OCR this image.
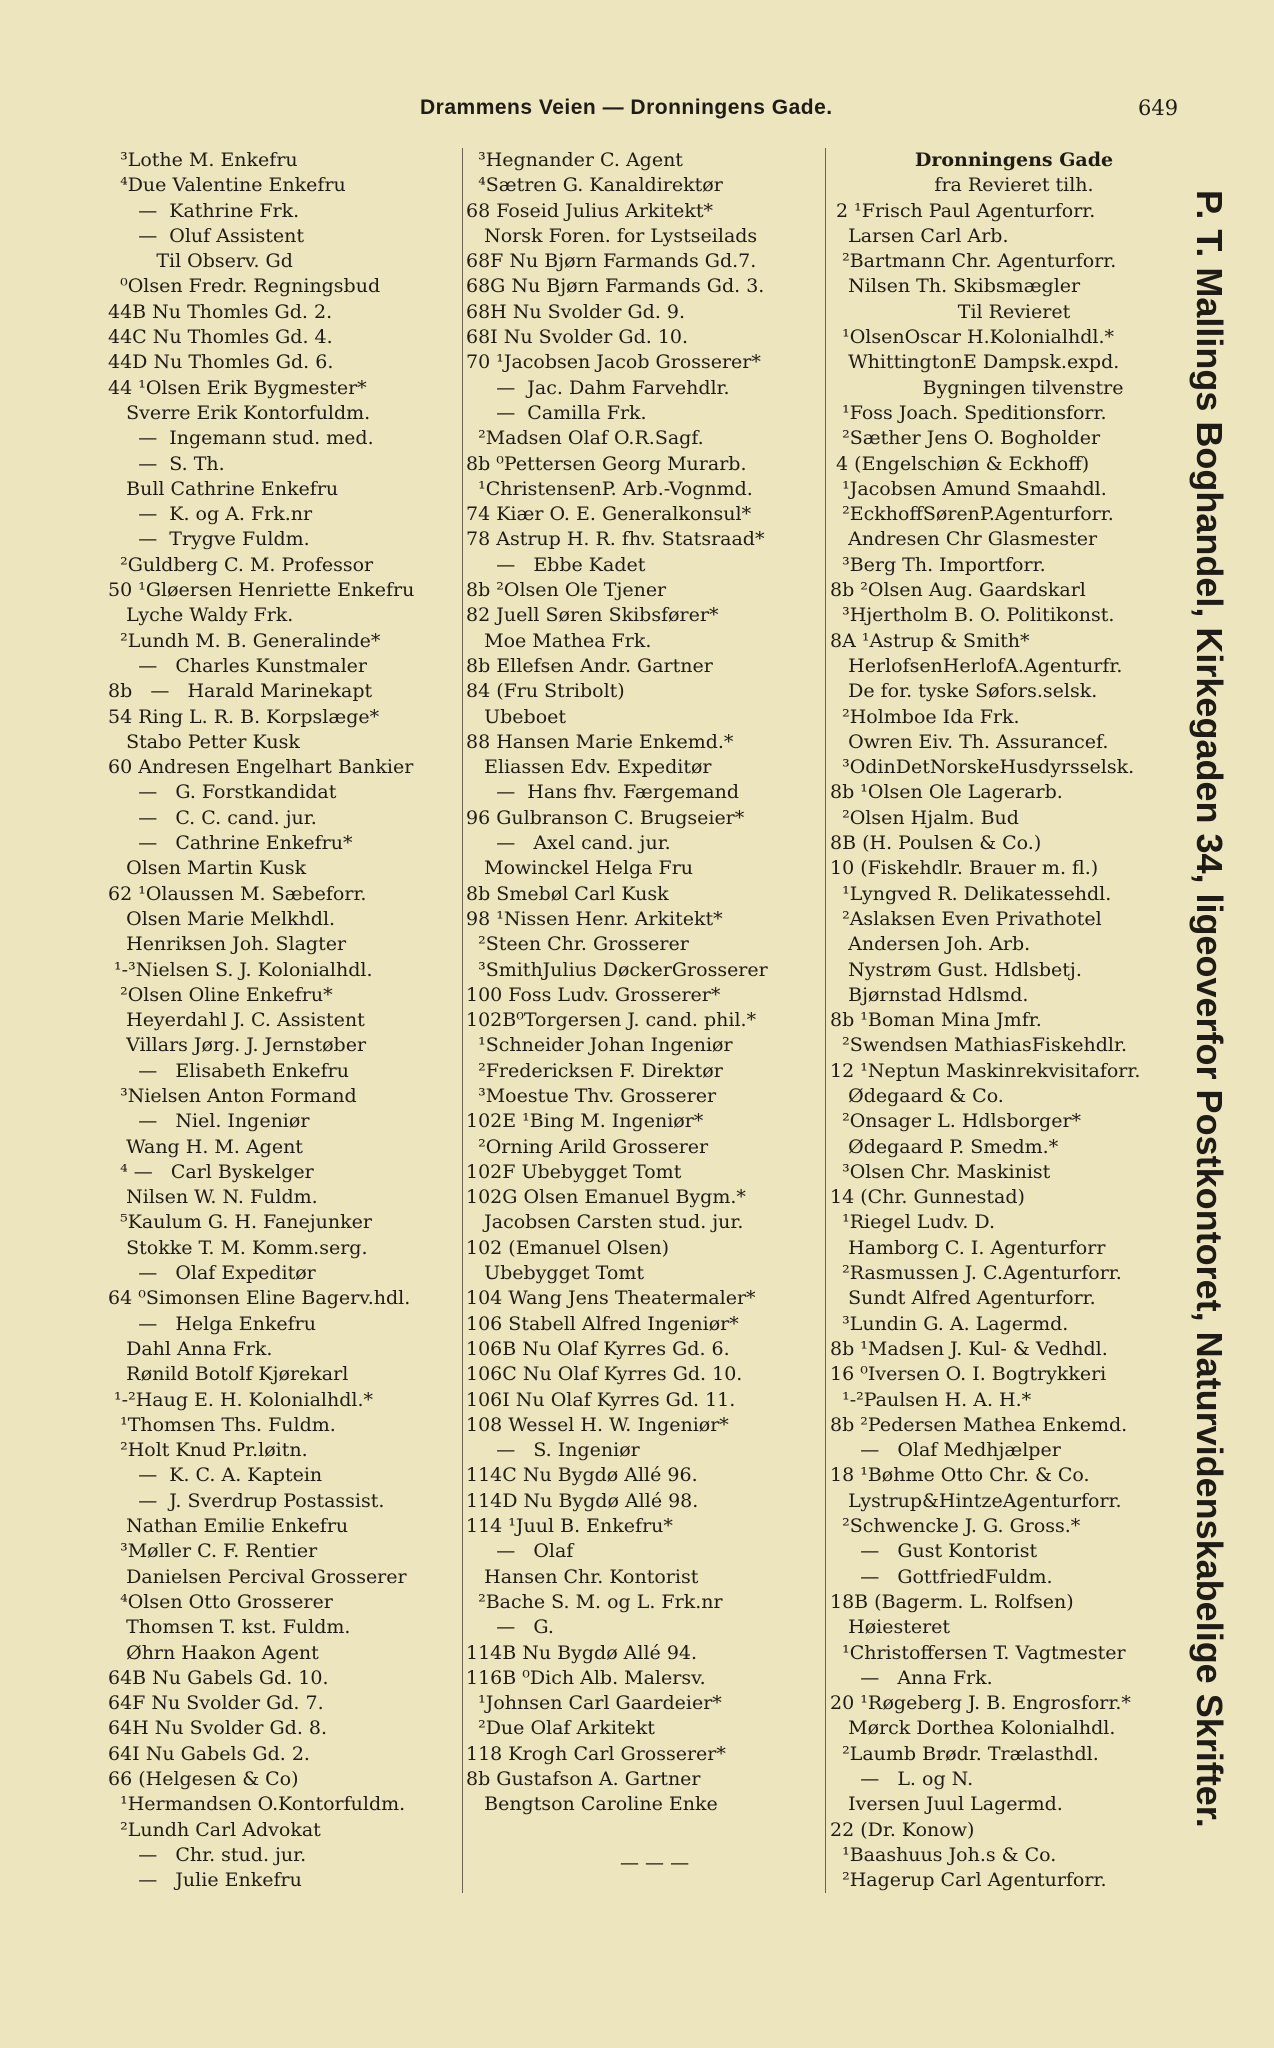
Drammens Veien — Dronningens Gade.	649
³Lothe M. Enkefru
⁴Due Valentine Enkefru
—  Kathrine Frk.
—  Oluf Assistent
Til Observ. Gd
⁰Olsen Fredr. Regningsbud
44B Nu Thomles Gd. 2.
44C Nu Thomles Gd. 4.
44D Nu Thomles Gd. 6.
44 ¹Olsen Erik Bygmester*
Sverre Erik Kontorfuldm.
—  Ingemann stud. med.
—  S. Th.
Bull Cathrine Enkefru
—  K. og A. Frk.nr
—  Trygve Fuldm.
²Guldberg C. M. Professor
50 ¹Gløersen Henriette Enkefru
Lyche Waldy Frk.
²Lundh M. B. Generalinde*
—   Charles Kunstmaler
8b   —   Harald Marinekapt
54 Ring L. R. B. Korpslæge*
Stabo Petter Kusk
60 Andresen Engelhart Bankier
—   G. Forstkandidat
—   C. C. cand. jur.
—   Cathrine Enkefru*
Olsen Martin Kusk
62 ¹Olaussen M. Sæbeforr.
Olsen Marie Melkhdl.
Henriksen Joh. Slagter
¹-³Nielsen S. J. Kolonialhdl.
²Olsen Oline Enkefru*
Heyerdahl J. C. Assistent
Villars Jørg. J. Jernstøber
—   Elisabeth Enkefru
³Nielsen Anton Formand
—   Niel. Ingeniør
Wang H. M. Agent
⁴ —   Carl Byskelger
Nilsen W. N. Fuldm.
⁵Kaulum G. H. Fanejunker
Stokke T. M. Komm.serg.
—   Olaf Expeditør
64 ⁰Simonsen Eline Bagerv.hdl.
—   Helga Enkefru
Dahl Anna Frk.
Rønild Botolf Kjørekarl
¹-²Haug E. H. Kolonialhdl.*
¹Thomsen Ths. Fuldm.
²Holt Knud Pr.løitn.
—  K. C. A. Kaptein
—  J. Sverdrup Postassist.
Nathan Emilie Enkefru
³Møller C. F. Rentier
Danielsen Percival Grosserer
⁴Olsen Otto Grosserer
Thomsen T. kst. Fuldm.
Øhrn Haakon Agent
64B Nu Gabels Gd. 10.
64F Nu Svolder Gd. 7.
64H Nu Svolder Gd. 8.
64I Nu Gabels Gd. 2.
66 (Helgesen & Co)
¹Hermandsen O.Kontorfuldm.
²Lundh Carl Advokat
—   Chr. stud. jur.
—   Julie Enkefru
³Hegnander C. Agent
⁴Sætren G. Kanaldirektør
68 Foseid Julius Arkitekt*
Norsk Foren. for Lystseilads
68F Nu Bjørn Farmands Gd.7.
68G Nu Bjørn Farmands Gd. 3.
68H Nu Svolder Gd. 9.
68I Nu Svolder Gd. 10.
70 ¹Jacobsen Jacob Grosserer*
—  Jac. Dahm Farvehdlr.
—  Camilla Frk.
²Madsen Olaf O.R.Sagf.
8b ⁰Pettersen Georg Murarb.
¹ChristensenP. Arb.-Vognmd.
74 Kiær O. E. Generalkonsul*
78 Astrup H. R. fhv. Statsraad*
—   Ebbe Kadet
8b ²Olsen Ole Tjener
82 Juell Søren Skibsfører*
Moe Mathea Frk.
8b Ellefsen Andr. Gartner
84 (Fru Stribolt)
Ubeboet
88 Hansen Marie Enkemd.*
Eliassen Edv. Expeditør
—  Hans fhv. Færgemand
96 Gulbranson C. Brugseier*
—   Axel cand. jur.
Mowinckel Helga Fru
8b Smebøl Carl Kusk
98 ¹Nissen Henr. Arkitekt*
²Steen Chr. Grosserer
³SmithJulius DøckerGrosserer
100 Foss Ludv. Grosserer*
102B⁰Torgersen J. cand. phil.*
¹Schneider Johan Ingeniør
²Fredericksen F. Direktør
³Moestue Thv. Grosserer
102E ¹Bing M. Ingeniør*
²Orning Arild Grosserer
102F Ubebygget Tomt
102G Olsen Emanuel Bygm.*
Jacobsen Carsten stud. jur.
102 (Emanuel Olsen)
Ubebygget Tomt
104 Wang Jens Theatermaler*
106 Stabell Alfred Ingeniør*
106B Nu Olaf Kyrres Gd. 6.
106C Nu Olaf Kyrres Gd. 10.
106I Nu Olaf Kyrres Gd. 11.
108 Wessel H. W. Ingeniør*
—   S. Ingeniør
114C Nu Bygdø Allé 96.
114D Nu Bygdø Allé 98.
114 ¹Juul B. Enkefru*
—   Olaf
Hansen Chr. Kontorist
²Bache S. M. og L. Frk.nr
—   G.
114B Nu Bygdø Allé 94.
116B ⁰Dich Alb. Malersv.
¹Johnsen Carl Gaardeier*
²Due Olaf Arkitekt
118 Krogh Carl Grosserer*
8b Gustafson A. Gartner
Bengtson Caroline Enke
Dronningens Gade
fra Revieret tilh.
2 ¹Frisch Paul Agenturforr.
Larsen Carl Arb.
²Bartmann Chr. Agenturforr.
Nilsen Th. Skibsmægler
Til Revieret
¹OlsenOscar H.Kolonialhdl.*
WhittingtonE Dampsk.expd.
Bygningen tilvenstre
¹Foss Joach. Speditionsforr.
²Sæther Jens O. Bogholder
4 (Engelschiøn & Eckhoff)
¹Jacobsen Amund Smaahdl.
²EckhoffSørenP.Agenturforr.
Andresen Chr Glasmester
³Berg Th. Importforr.
8b ²Olsen Aug. Gaardskarl
³Hjertholm B. O. Politikonst.
8A ¹Astrup & Smith*
HerlofsenHerlofA.Agenturfr.
De for. tyske Søfors.selsk.
²Holmboe Ida Frk.
Owren Eiv. Th. Assurancef.
³OdinDetNorskeHusdyrsselsk.
8b ¹Olsen Ole Lagerarb.
²Olsen Hjalm. Bud
8B (H. Poulsen & Co.)
10 (Fiskehdlr. Brauer m. fl.)
¹Lyngved R. Delikatessehdl.
²Aslaksen Even Privathotel
Andersen Joh. Arb.
Nystrøm Gust. Hdlsbetj.
Bjørnstad Hdlsmd.
8b ¹Boman Mina Jmfr.
²Swendsen MathiasFiskehdlr.
12 ¹Neptun Maskinrekvisitaforr.
Ødegaard & Co.
²Onsager L. Hdlsborger*
Ødegaard P. Smedm.*
³Olsen Chr. Maskinist
14 (Chr. Gunnestad)
¹Riegel Ludv. D.
Hamborg C. I. Agenturforr
²Rasmussen J. C.Agenturforr.
Sundt Alfred Agenturforr.
³Lundin G. A. Lagermd.
8b ¹Madsen J. Kul- & Vedhdl.
16 ⁰Iversen O. I. Bogtrykkeri
¹-²Paulsen H. A. H.*
8b ²Pedersen Mathea Enkemd.
—   Olaf Medhjælper
18 ¹Bøhme Otto Chr. & Co.
Lystrup&HintzeAgenturforr.
²Schwencke J. G. Gross.*
—   Gust Kontorist
—   GottfriedFuldm.
18B (Bagerm. L. Rolfsen)
Høiesteret
¹Christoffersen T. Vagtmester
—   Anna Frk.
20 ¹Røgeberg J. B. Engrosforr.*
Mørck Dorthea Kolonialhdl.
²Laumb Brødr. Trælasthdl.
—   L. og N.
Iversen Juul Lagermd.
22 (Dr. Konow)
¹Baashuus Joh.s & Co.
²Hagerup Carl Agenturforr.
— — —
P. T. Mallings Boghandel, Kirkegaden 34, ligeoverfor Postkontoret, Naturvidenskabelige Skrifter.
